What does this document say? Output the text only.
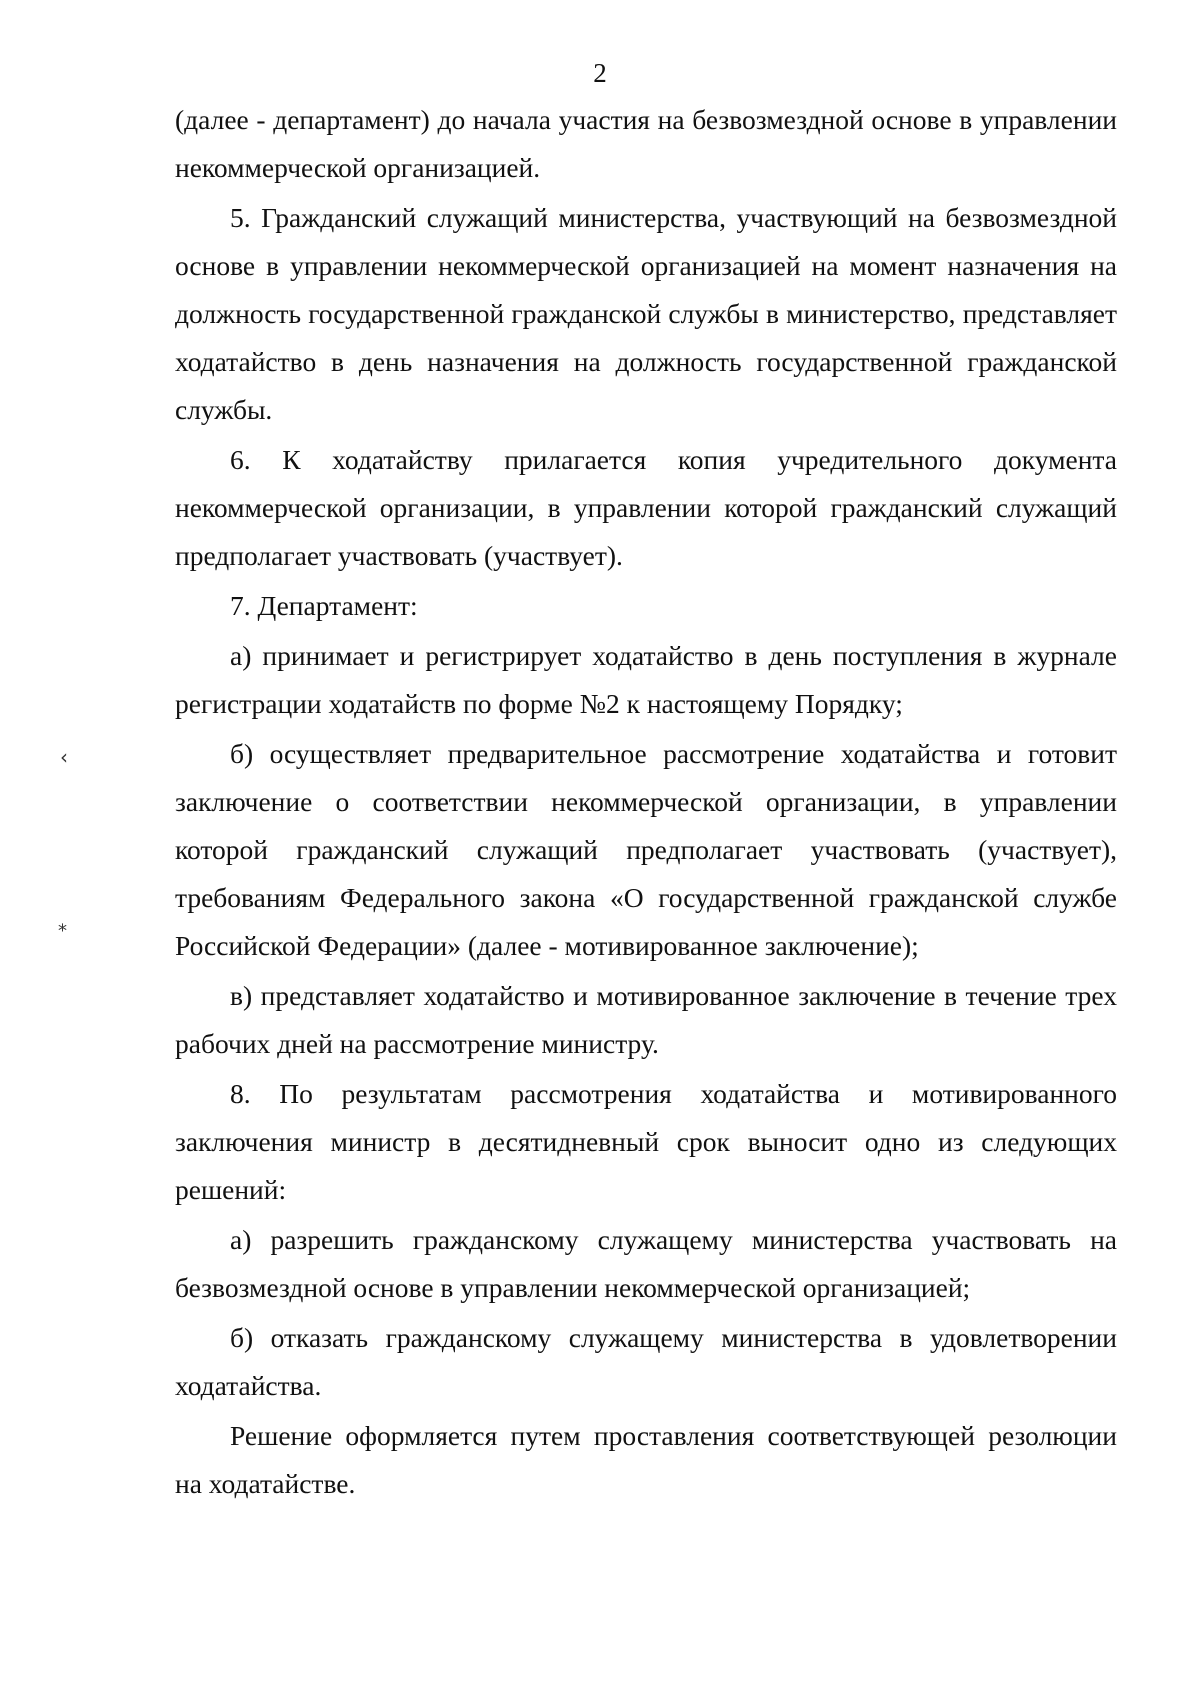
2

(далее - департамент) до начала участия на безвозмездной основе в управлении некоммерческой организацией.

5. Гражданский служащий министерства, участвующий на безвозмездной основе в управлении некоммерческой организацией на момент назначения на должность государственной гражданской службы в министерство, представляет ходатайство в день назначения на должность государственной гражданской службы.

6. К ходатайству прилагается копия учредительного документа некоммерческой организации, в управлении которой гражданский служащий предполагает участвовать (участвует).

7. Департамент:

а) принимает и регистрирует ходатайство в день поступления в журнале регистрации ходатайств по форме №2 к настоящему Порядку;

б) осуществляет предварительное рассмотрение ходатайства и готовит заключение о соответствии некоммерческой организации, в управлении которой гражданский служащий предполагает участвовать (участвует), требованиям Федерального закона «О государственной гражданской службе Российской Федерации» (далее - мотивированное заключение);

в) представляет ходатайство и мотивированное заключение в течение трех рабочих дней на рассмотрение министру.

8. По результатам рассмотрения ходатайства и мотивированного заключения министр в десятидневный срок выносит одно из следующих решений:

а) разрешить гражданскому служащему министерства участвовать на безвозмездной основе в управлении некоммерческой организацией;

б) отказать гражданскому служащему министерства в удовлетворении ходатайства.

Решение оформляется путем проставления соответствующей резолюции на ходатайстве.

‹
⁎
